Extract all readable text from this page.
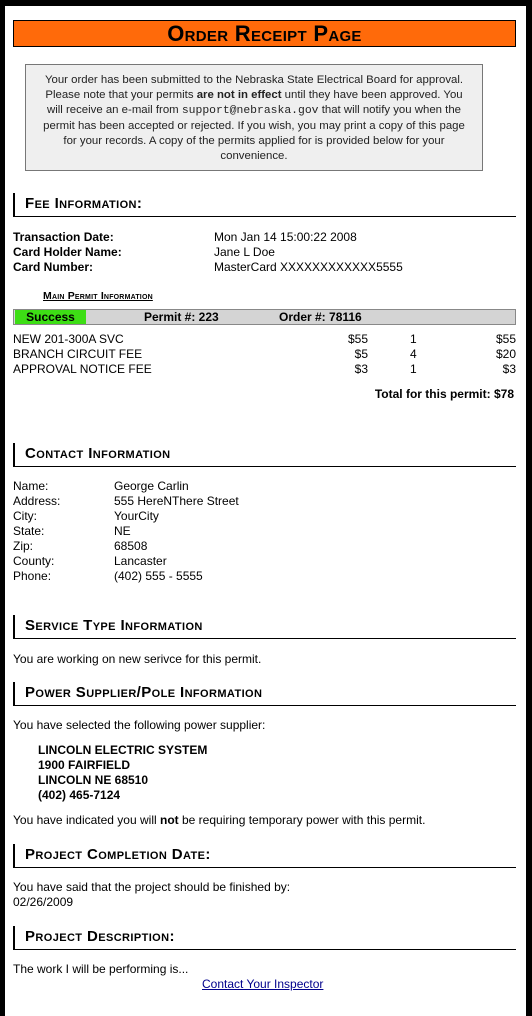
Order Receipt Page
Your order has been submitted to the Nebraska State Electrical Board for approval. Please note that your permits are not in effect until they have been approved. You will receive an e-mail from support@nebraska.gov that will notify you when the permit has been accepted or rejected. If you wish, you may print a copy of this page for your records. A copy of the permits applied for is provided below for your convenience.
Fee Information:
Transaction Date:	Mon Jan 14 15:00:22 2008
Card Holder Name:	Jane L Doe
Card Number:	MasterCard XXXXXXXXXXXX5555
Main Permit Information
Success	Permit #: 223	Order #: 78116
NEW 201-300A SVC	$55	1	$55
BRANCH CIRCUIT FEE	$5	4	$20
APPROVAL NOTICE FEE	$3	1	$3
Total for this permit: $78
Contact Information
Name:	George Carlin
Address:	555 HereNThere Street
City:	YourCity
State:	NE
Zip:	68508
County:	Lancaster
Phone:	(402) 555 - 5555
Service Type Information
You are working on new serivce for this permit.
Power Supplier/Pole Information
You have selected the following power supplier:
LINCOLN ELECTRIC SYSTEM
1900 FAIRFIELD
LINCOLN NE 68510
(402) 465-7124
You have indicated you will not be requiring temporary power with this permit.
Project Completion Date:
You have said that the project should be finished by:
02/26/2009
Project Description:
The work I will be performing is...
Contact Your Inspector
